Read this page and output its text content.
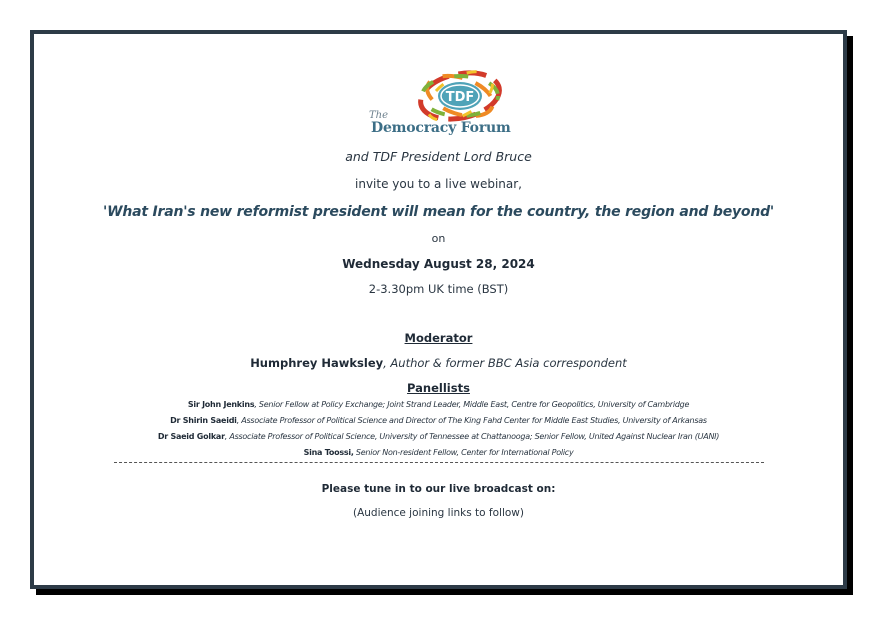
TDF
The
Democracy Forum
and TDF President Lord Bruce
invite you to a live webinar,
'What Iran's new reformist president will mean for the country, the region and beyond'
on
Wednesday August 28, 2024
2-3.30pm UK time (BST)
Moderator
Humphrey Hawksley, Author & former BBC Asia correspondent
Panellists
Sir John Jenkins, Senior Fellow at Policy Exchange; Joint Strand Leader, Middle East, Centre for Geopolitics, University of Cambridge
Dr Shirin Saeidi, Associate Professor of Political Science and Director of The King Fahd Center for Middle East Studies, University of Arkansas
Dr Saeid Golkar, Associate Professor of Political Science, University of Tennessee at Chattanooga; Senior Fellow, United Against Nuclear Iran (UANI)
Sina Toossi, Senior Non-resident Fellow, Center for International Policy
Please tune in to our live broadcast on:
(Audience joining links to follow)
